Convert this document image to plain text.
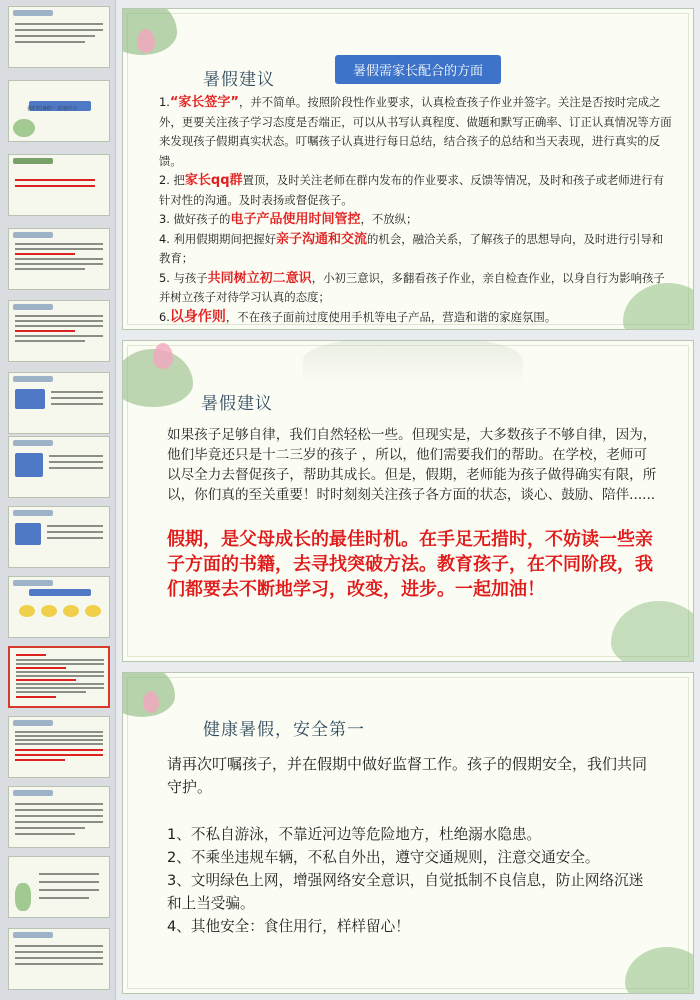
我们的暑假一意地结合
暑假建议	暑假需家长配合的方面
1.“家长签字”，并不简单。按照阶段性作业要求，认真检查孩子作业并签字。关注是否按时完成之外，更要关注孩子学习态度是否端正，可以从书写认真程度、做题和默写正确率、订正认真情况等方面来发现孩子假期真实状态。叮嘱孩子认真进行每日总结，结合孩子的总结和当天表现，进行真实的反馈。
2. 把家长qq群置顶，及时关注老师在群内发布的作业要求、反馈等情况，及时和孩子或老师进行有针对性的沟通。及时表扬或督促孩子。
3. 做好孩子的电子产品使用时间管控，不放纵；
4. 利用假期期间把握好亲子沟通和交流的机会，融洽关系，了解孩子的思想导向，及时进行引导和教育；
5. 与孩子共同树立初二意识，小初三意识，多翻看孩子作业，亲自检查作业，以身自行为影响孩子并树立孩子对待学习认真的态度；
6.以身作则，不在孩子面前过度使用手机等电子产品，营造和谐的家庭氛围。
暑假建议
如果孩子足够自律，我们自然轻松一些。但现实是，大多数孩子不够自律，因为，他们毕竟还只是十二三岁的孩子 ，所以，他们需要我们的帮助。在学校，老师可以尽全力去督促孩子，帮助其成长。但是，假期，老师能为孩子做得确实有限，所以，你们真的至关重要！时时刻刻关注孩子各方面的状态，谈心、鼓励、陪伴......
假期，是父母成长的最佳时机。在手足无措时，不妨读一些亲子方面的书籍，去寻找突破方法。教育孩子，在不同阶段，我们都要去不断地学习，改变，进步。一起加油！
健康暑假，安全第一
请再次叮嘱孩子，并在假期中做好监督工作。孩子的假期安全，我们共同守护。
1、不私自游泳，不靠近河边等危险地方，杜绝溺水隐患。
2、不乘坐违规车辆，不私自外出，遵守交通规则，注意交通安全。
3、文明绿色上网，增强网络安全意识，自觉抵制不良信息，防止网络沉迷 和上当受骗。
4、其他安全：食住用行，样样留心！
